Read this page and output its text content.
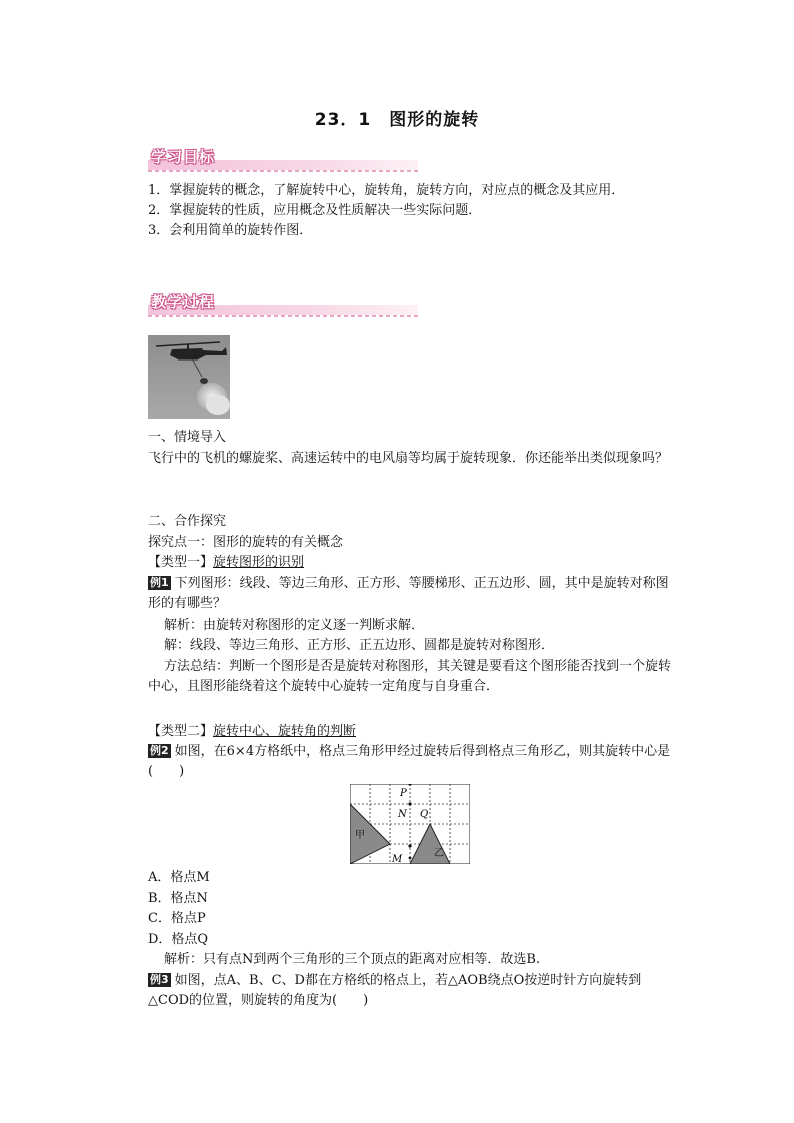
23．1　图形的旋转
学习目标
1．掌握旋转的概念，了解旋转中心，旋转角，旋转方向，对应点的概念及其应用．
2．掌握旋转的性质，应用概念及性质解决一些实际问题．
3．会利用简单的旋转作图．
教学过程
一、情境导入
飞行中的飞机的螺旋桨、高速运转中的电风扇等均属于旋转现象．你还能举出类似现象吗？
二、合作探究
探究点一：图形的旋转的有关概念
【类型一】旋转图形的识别
例1 下列图形：线段、等边三角形、正方形、等腰梯形、正五边形、圆，其中是旋转对称图形的有哪些？
解析：由旋转对称图形的定义逐一判断求解．
解：线段、等边三角形、正方形、正五边形、圆都是旋转对称图形．
方法总结：判断一个图形是否是旋转对称图形，其关键是要看这个图形能否找到一个旋转中心，且图形能绕着这个旋转中心旋转一定角度与自身重合．
【类型二】旋转中心、旋转角的判断
例2 如图，在6×4方格纸中，格点三角形甲经过旋转后得到格点三角形乙，则其旋转中心是(　　)
P
N Q
M
甲
乙
A．格点M
B．格点N
C．格点P
D．格点Q
解析：只有点N到两个三角形的三个顶点的距离对应相等．故选B.
例3 如图，点A、B、C、D都在方格纸的格点上，若△AOB绕点O按逆时针方向旋转到△COD的位置，则旋转的角度为(　　)
